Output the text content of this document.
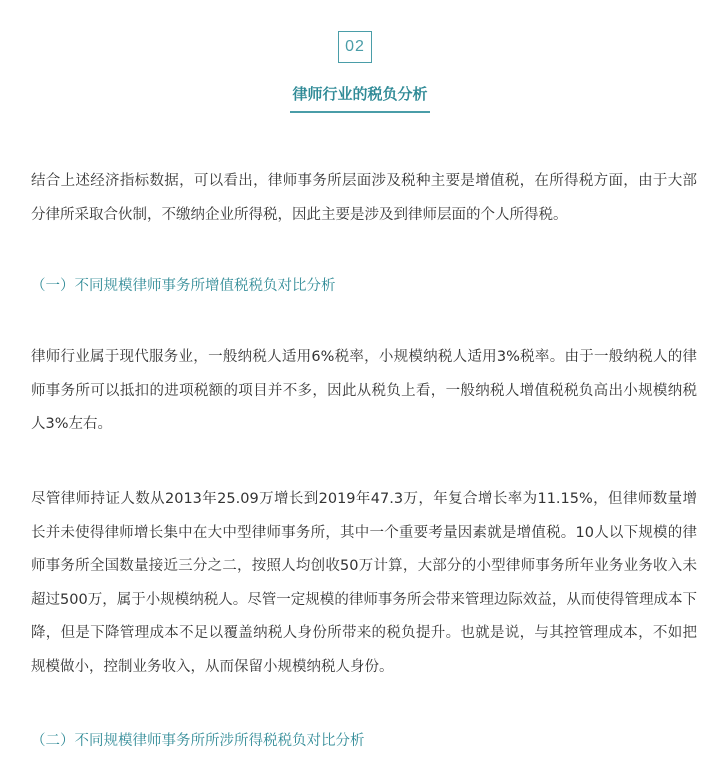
02
律师行业的税负分析

结合上述经济指标数据，可以看出，律师事务所层面涉及税种主要是增值税，在所得税方面，由于大部分律所采取合伙制，不缴纳企业所得税，因此主要是涉及到律师层面的个人所得税。

（一）不同规模律师事务所增值税税负对比分析

律师行业属于现代服务业，一般纳税人适用6%税率，小规模纳税人适用3%税率。由于一般纳税人的律师事务所可以抵扣的进项税额的项目并不多，因此从税负上看，一般纳税人增值税税负高出小规模纳税人3%左右。

尽管律师持证人数从2013年25.09万增长到2019年47.3万，年复合增长率为11.15%，但律师数量增长并未使得律师增长集中在大中型律师事务所，其中一个重要考量因素就是增值税。10人以下规模的律师事务所全国数量接近三分之二，按照人均创收50万计算，大部分的小型律师事务所年业务业务收入未超过500万，属于小规模纳税人。尽管一定规模的律师事务所会带来管理边际效益，从而使得管理成本下降，但是下降管理成本不足以覆盖纳税人身份所带来的税负提升。也就是说，与其控管理成本，不如把规模做小，控制业务收入，从而保留小规模纳税人身份。

（二）不同规模律师事务所所涉所得税税负对比分析
